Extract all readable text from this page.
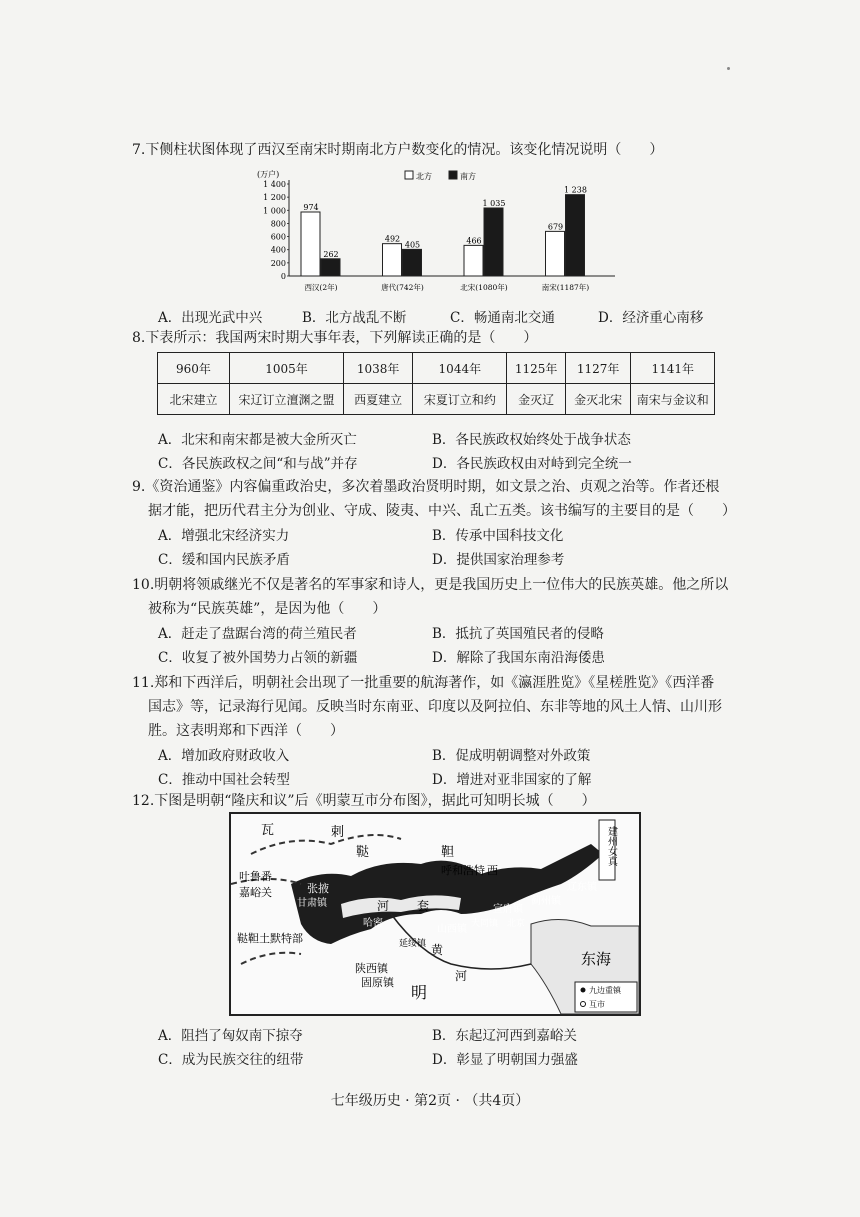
7.下侧柱状图体现了西汉至南宋时期南北方户数变化的情况。该变化情况说明（　　）
(万户)
0
200
400
600
800
1 000
1 200
1 400
北方	南方
974
262
西汉(2年)
492
405
唐代(742年)
466
1 035
北宋(1080年)
679
1 238
南宋(1187年)
A．出现光武中兴	B．北方战乱不断	C．畅通南北交通	D．经济重心南移
8.下表所示：我国两宋时期大事年表，下列解读正确的是（　　）
960年	1005年	1038年	1044年	1125年	1127年	1141年
北宋建立	宋辽订立澶渊之盟	西夏建立	宋夏订立和约	金灭辽	金灭北宋	南宋与金议和
A．北宋和南宋都是被大金所灭亡	B．各民族政权始终处于战争状态
C．各民族政权之间“和与战”并存	D．各民族政权由对峙到完全统一
9.《资治通鉴》内容偏重政治史，多次着墨政治贤明时期，如文景之治、贞观之治等。作者还根
据才能，把历代君主分为创业、守成、陵夷、中兴、乱亡五类。该书编写的主要目的是（　　）
A．增强北宋经济实力	B．传承中国科技文化
C．缓和国内民族矛盾	D．提供国家治理参考
10.明朝将领戚继光不仅是著名的军事家和诗人，更是我国历史上一位伟大的民族英雄。他之所以
被称为“民族英雄”，是因为他（　　）
A．赶走了盘踞台湾的荷兰殖民者	B．抵抗了英国殖民者的侵略
C．收复了被外国势力占领的新疆	D．解除了我国东南沿海倭患
11.郑和下西洋后，明朝社会出现了一批重要的航海著作，如《瀛涯胜览》《星槎胜览》《西洋番
国志》等，记录海行见闻。反映当时东南亚、印度以及阿拉伯、东非等地的风土人情、山川形
胜。这表明郑和下西洋（　　）
A．增加政府财政收入	B．促成明朝调整对外政策
C．推动中国社会转型	D．增进对亚非国家的了解
12.下图是明朝“隆庆和议”后《明蒙互市分布图》，据此可知明长城（　　）
瓦	剌
鞑	靼
吐鲁番
嘉峪关	张掖
甘肃镇
哈密
鞑靼土默特部
呼和浩特 西
河 套
山西镇
宣府镇
蓟州镇
辽东镇
建州女真
固原镇
陕西镇
黄
河
明
东海
大同镇 北京
延绥镇
九边重镇
互市
A．阻挡了匈奴南下掠夺	B．东起辽河西到嘉峪关
C．成为民族交往的纽带	D．彰显了明朝国力强盛
七年级历史 · 第2页 · （共4页）
